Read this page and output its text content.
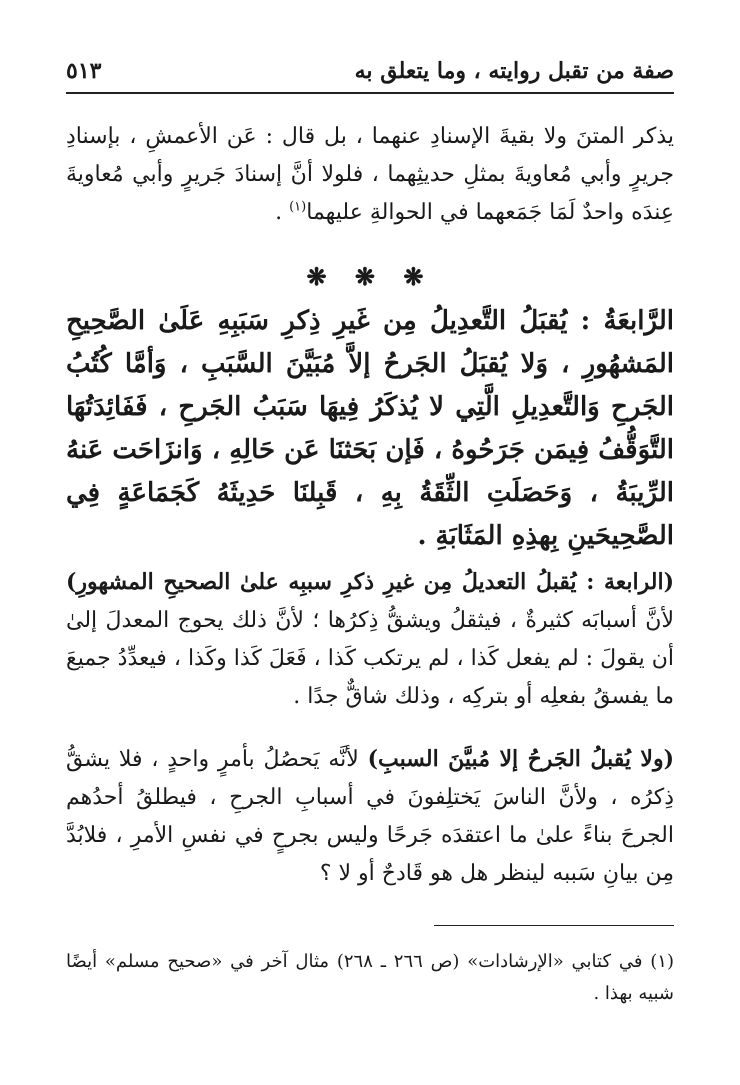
صفة من تقبل روايته ، وما يتعلق به
٥١٣

يذكر المتنَ ولا بقيةَ الإسنادِ عنهما ، بل قال : عَن الأعمشِ ، بإسنادِ جريرٍ وأبي مُعاويةَ بمثلِ حديثِهما ، فلولا أنَّ إسنادَ جَريرٍ وأبي مُعاويةَ عِندَه واحدٌ لَمَا جَمَعهما في الحوالةِ عليهما$^{(١)}$ .

❋ ❋ ❋

الرَّابعَةُ : يُقبَلُ التَّعدِيلُ مِن غَيرِ ذِكرِ سَبَبِهِ عَلَىٰ الصَّحِيحِ المَشهُورِ ، وَلا يُقبَلُ الجَرحُ إلاَّ مُبَيَّنَ السَّبَبِ ، وَأمَّا كُتُبُ الجَرحِ وَالتَّعدِيلِ الَّتِي لا يُذكَرُ فِيهَا سَبَبُ الجَرحِ ، فَفَائِدَتُهَا التَّوَقُّفُ فِيمَن جَرَحُوهُ ، فَإن بَحَثنَا عَن حَالِهِ ، وَانزَاحَت عَنهُ الرِّيبَةُ ، وَحَصَلَتِ الثِّقَةُ بِهِ ، قَبِلنَا حَدِيثَهُ كَجَمَاعَةٍ فِي الصَّحِيحَينِ بِهذِهِ المَثَابَةِ .

(الرابعة : يُقبلُ التعديلُ مِن غيرِ ذكرِ سببِه علىٰ الصحيحِ المشهورِ) لأنَّ أسبابَه كثيرةٌ ، فيثقلُ ويشقُّ ذِكرُها ؛ لأنَّ ذلك يحوج المعدلَ إلىٰ أن يقولَ : لم يفعل كَذا ، لم يرتكب كَذا ، فَعَلَ كَذا وكَذا ، فيعدِّدُ جميعَ ما يفسقُ بفعلِه أو بتركِه ، وذلك شاقٌّ جدًا .

(ولا يُقبلُ الجَرحُ إلا مُبيَّنَ السببِ) لأنَّه يَحصُلُ بأمرٍ واحدٍ ، فلا يشقُّ ذِكرُه ، ولأنَّ الناسَ يَختلِفونَ في أسبابِ الجرحِ ، فيطلقُ أحدُهم الجرحَ بناءً علىٰ ما اعتقدَه جَرحًا وليس بجرحٍ في نفسِ الأمرِ ، فلابُدَّ مِن بيانِ سَببه لينظر هل هو قَادحٌ أو لا ؟

(١) في كتابي «الإرشادات» (ص ٢٦٦ ـ ٢٦٨) مثال آخر في «صحيح مسلم» أيضًا شبيه بهذا .
